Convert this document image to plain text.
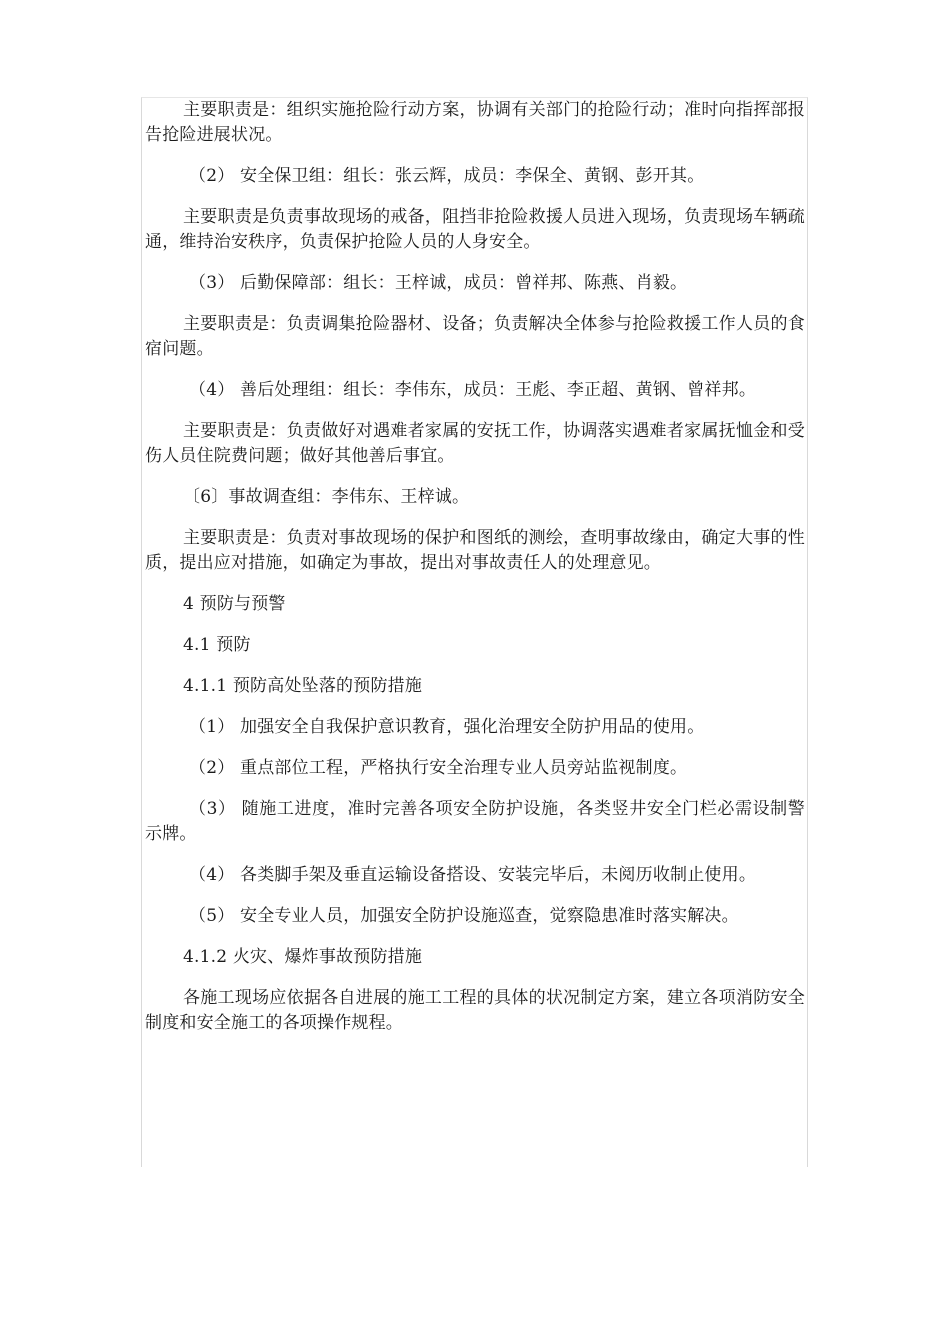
主要职责是：组织实施抢险行动方案，协调有关部门的抢险行动；准时向指挥部报告抢险进展状况。

（2） 安全保卫组：组长：张云辉，成员：李保全、黄钢、彭开其。

主要职责是负责事故现场的戒备，阻挡非抢险救援人员进入现场，负责现场车辆疏通，维持治安秩序，负责保护抢险人员的人身安全。

（3） 后勤保障部：组长：王梓诚，成员：曾祥邦、陈燕、肖毅。

主要职责是：负责调集抢险器材、设备；负责解决全体参与抢险救援工作人员的食宿问题。

（4） 善后处理组：组长：李伟东，成员：王彪、李正超、黄钢、曾祥邦。

主要职责是：负责做好对遇难者家属的安抚工作，协调落实遇难者家属抚恤金和受伤人员住院费问题；做好其他善后事宜。

〔6〕事故调查组：李伟东、王梓诚。

主要职责是：负责对事故现场的保护和图纸的测绘，查明事故缘由，确定大事的性质，提出应对措施，如确定为事故，提出对事故责任人的处理意见。

4 预防与预警

4.1 预防

4.1.1 预防高处坠落的预防措施

（1） 加强安全自我保护意识教育，强化治理安全防护用品的使用。

（2） 重点部位工程，严格执行安全治理专业人员旁站监视制度。

（3） 随施工进度，准时完善各项安全防护设施，各类竖井安全门栏必需设制警示牌。

（4） 各类脚手架及垂直运输设备搭设、安装完毕后，未阅历收制止使用。

（5） 安全专业人员，加强安全防护设施巡查，觉察隐患准时落实解决。

4.1.2 火灾、爆炸事故预防措施

各施工现场应依据各自进展的施工工程的具体的状况制定方案，建立各项消防安全制度和安全施工的各项操作规程。
